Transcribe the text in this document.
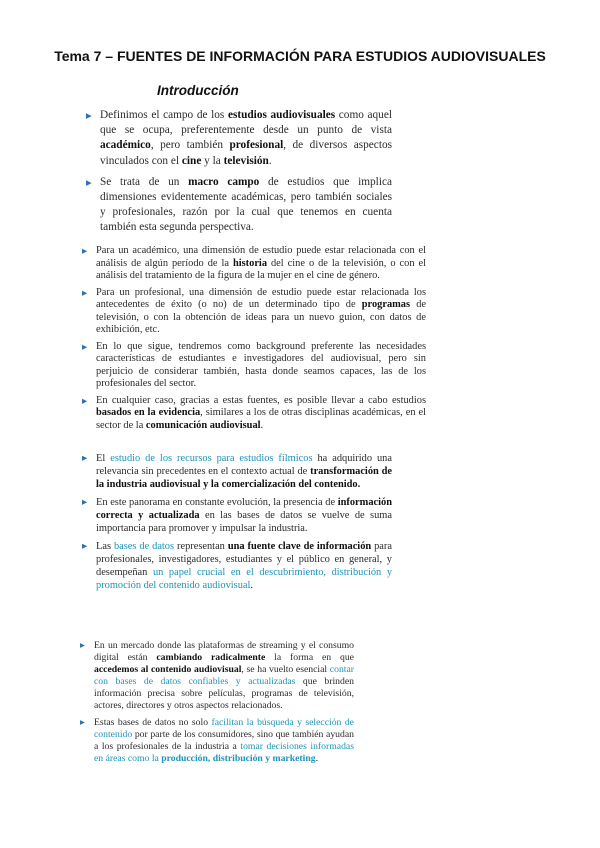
Tema 7 – FUENTES DE INFORMACIÓN PARA ESTUDIOS AUDIOVISUALES
Introducción
▸ Definimos el campo de los estudios audiovisuales como aquel que se ocupa, preferentemente desde un punto de vista académico, pero también profesional, de diversos aspectos vinculados con el cine y la televisión.
▸ Se trata de un macro campo de estudios que implica dimensiones evidentemente académicas, pero también sociales y profesionales, razón por la cual que tenemos en cuenta también esta segunda perspectiva.
▸ Para un académico, una dimensión de estudio puede estar relacionada con el análisis de algún período de la historia del cine o de la televisión, o con el análisis del tratamiento de la figura de la mujer en el cine de género.
▸ Para un profesional, una dimensión de estudio puede estar relacionada los antecedentes de éxito (o no) de un determinado tipo de programas de televisión, o con la obtención de ideas para un nuevo guion, con datos de exhibición, etc.
▸ En lo que sigue, tendremos como background preferente las necesidades características de estudiantes e investigadores del audiovisual, pero sin perjuicio de considerar también, hasta donde seamos capaces, las de los profesionales del sector.
▸ En cualquier caso, gracias a estas fuentes, es posible llevar a cabo estudios basados en la evidencia, similares a los de otras disciplinas académicas, en el sector de la comunicación audiovisual.
▸ El estudio de los recursos para estudios fílmicos ha adquirido una relevancia sin precedentes en el contexto actual de transformación de la industria audiovisual y la comercialización del contenido.
▸ En este panorama en constante evolución, la presencia de información correcta y actualizada en las bases de datos se vuelve de suma importancia para promover y impulsar la industria.
▸ Las bases de datos representan una fuente clave de información para profesionales, investigadores, estudiantes y el público en general, y desempeñan un papel crucial en el descubrimiento, distribución y promoción del contenido audiovisual.
▸ En un mercado donde las plataformas de streaming y el consumo digital están cambiando radicalmente la forma en que accedemos al contenido audiovisual, se ha vuelto esencial contar con bases de datos confiables y actualizadas que brinden información precisa sobre películas, programas de televisión, actores, directores y otros aspectos relacionados.
▸ Estas bases de datos no solo facilitan la búsqueda y selección de contenido por parte de los consumidores, sino que también ayudan a los profesionales de la industria a tomar decisiones informadas en áreas como la producción, distribución y marketing.
